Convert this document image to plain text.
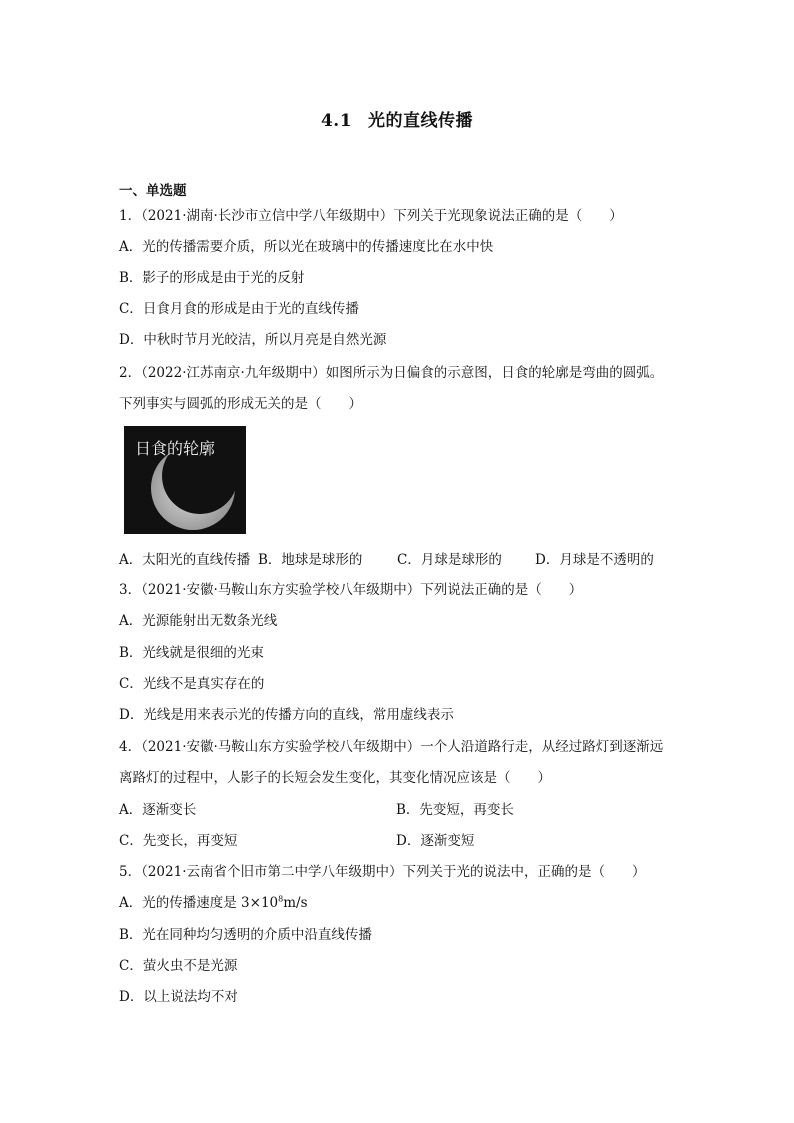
4.1 光的直线传播
一、单选题
1．（2021·湖南·长沙市立信中学八年级期中）下列关于光现象说法正确的是（　　）
A．光的传播需要介质，所以光在玻璃中的传播速度比在水中快
B．影子的形成是由于光的反射
C．日食月食的形成是由于光的直线传播
D．中秋时节月光皎洁，所以月亮是自然光源
2．（2022·江苏南京·九年级期中）如图所示为日偏食的示意图，日食的轮廓是弯曲的圆弧。
下列事实与圆弧的形成无关的是（　　）
日食的轮廓
A．太阳光的直线传播 B．地球是球形的	C．月球是球形的 D．月球是不透明的
3．（2021·安徽·马鞍山东方实验学校八年级期中）下列说法正确的是（　　）
A．光源能射出无数条光线
B．光线就是很细的光束
C．光线不是真实存在的
D．光线是用来表示光的传播方向的直线，常用虚线表示
4．（2021·安徽·马鞍山东方实验学校八年级期中）一个人沿道路行走，从经过路灯到逐渐远
离路灯的过程中，人影子的长短会发生变化，其变化情况应该是（　　）
A．逐渐变长	B．先变短，再变长
C．先变长，再变短	D．逐渐变短
5．（2021·云南省个旧市第二中学八年级期中）下列关于光的说法中，正确的是（　　）
A．光的传播速度是 $3\times 10^8m/s$
B．光在同种均匀透明的介质中沿直线传播
C．萤火虫不是光源
D．以上说法均不对
